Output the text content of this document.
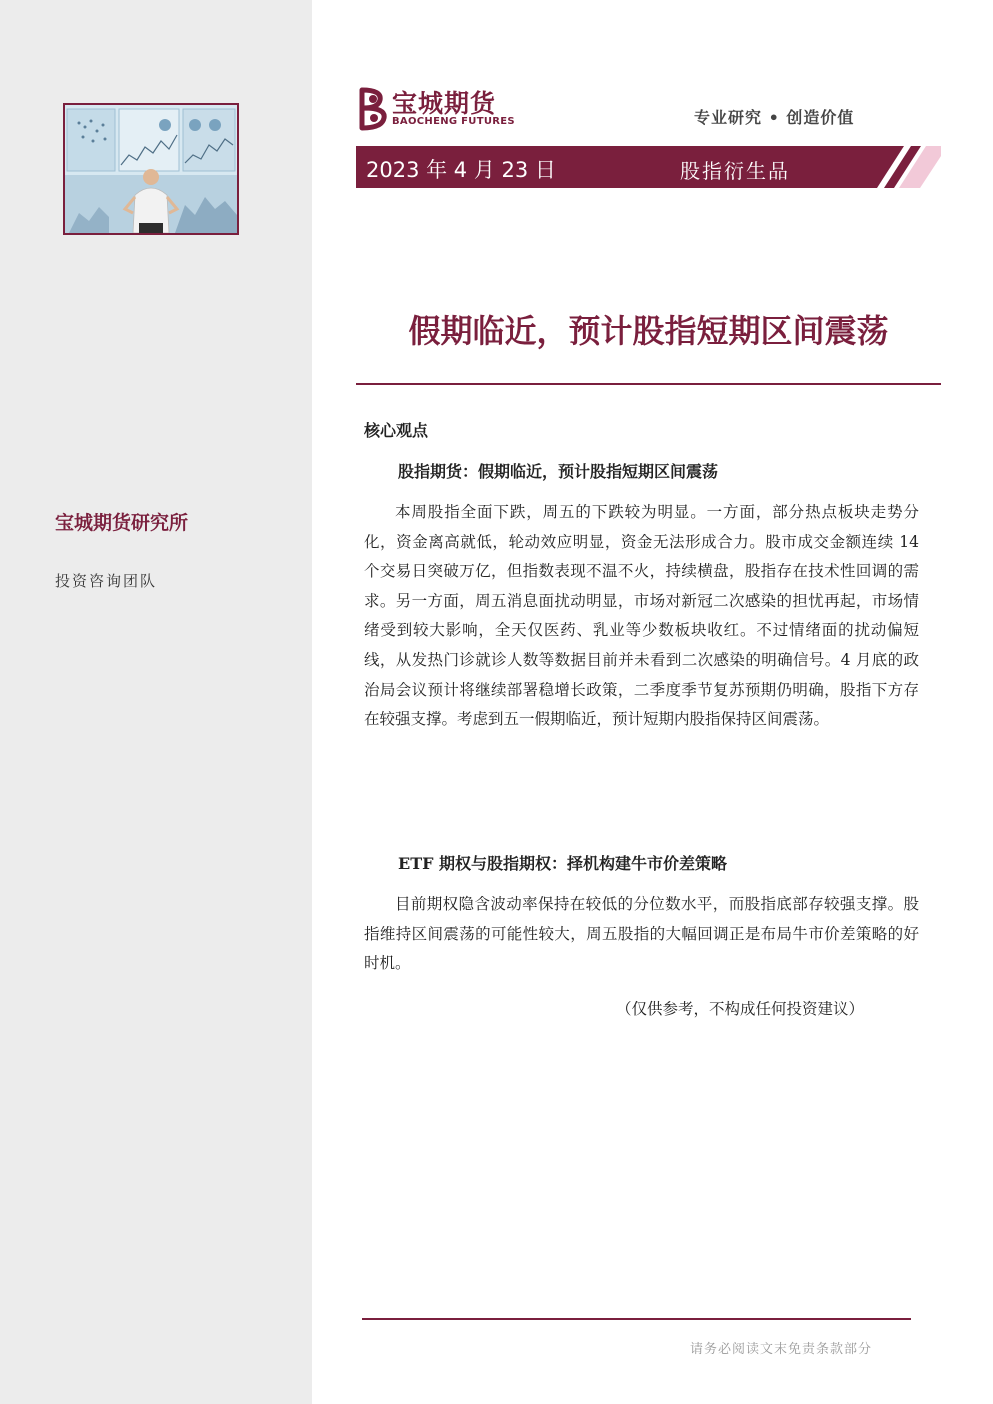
宝城期货研究所
投资咨询团队
宝城期货
BAOCHENG FUTURES	专业研究 • 创造价值
2023 年 4 月 23 日	股指衍生品
假期临近，预计股指短期区间震荡
核心观点
股指期货：假期临近，预计股指短期区间震荡

本周股指全面下跌，周五的下跌较为明显。一方面，部分热点板块走势分化，资金离高就低，轮动效应明显，资金无法形成合力。股市成交金额连续 14 个交易日突破万亿，但指数表现不温不火，持续横盘，股指存在技术性回调的需求。另一方面，周五消息面扰动明显，市场对新冠二次感染的担忧再起，市场情绪受到较大影响，全天仅医药、乳业等少数板块收红。不过情绪面的扰动偏短线，从发热门诊就诊人数等数据目前并未看到二次感染的明确信号。4 月底的政治局会议预计将继续部署稳增长政策，二季度季节复苏预期仍明确，股指下方存在较强支撑。考虑到五一假期临近，预计短期内股指保持区间震荡。

ETF 期权与股指期权：择机构建牛市价差策略

目前期权隐含波动率保持在较低的分位数水平，而股指底部存较强支撑。股指维持区间震荡的可能性较大，周五股指的大幅回调正是布局牛市价差策略的好时机。

（仅供参考，不构成任何投资建议）
请务必阅读文末免责条款部分
